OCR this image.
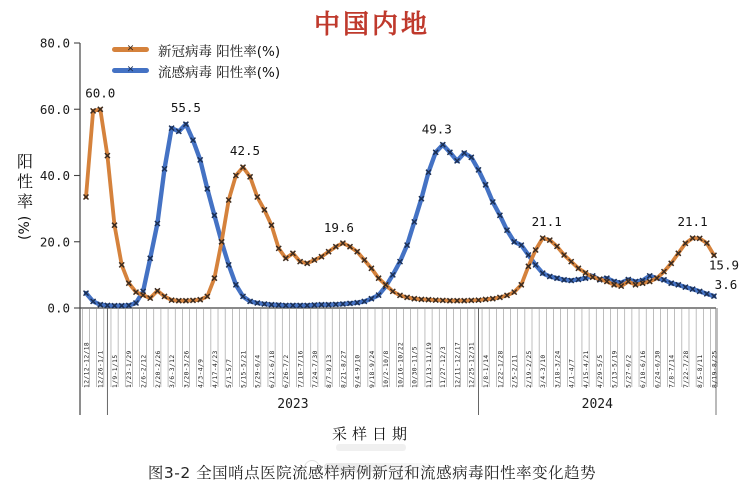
80.0
60.0
40.0
20.0
0.0
12/12-12/18 12/26-1/1 1/9-1/15 1/23-1/29 2/6-2/12 2/20-2/26 3/6-3/12 3/20-3/26 4/3-4/9 4/17-4/23 5/1-5/7 5/15-5/21 5/29-6/4 6/12-6/18 6/26-7/2 7/10-7/16 7/24-7/30 8/7-8/13 8/21-8/27 9/4-9/10 9/18-9/24 10/2-10/8 10/16-10/22 10/30-11/5 11/13-11/19 11/27-12/3 12/11-12/17 12/25-12/31 1/8-1/14 1/22-1/28 2/5-2/11 2/19-2/25 3/4-3/10 3/18-3/24 4/1-4/7 4/15-4/21 4/29-5/5 5/13-5/19 5/27-6/2 6/10-6/16 6/24-6/30 7/8-7/14 7/22-7/28 8/5-8/11 8/19-8/25
2023	2024
60.0
55.5
42.5
19.6
49.3
21.1	21.1
15.9
3.6
中国内地
✕ 新冠病毒 阳性率(%)
✕ 流感病毒 阳性率(%)
阳性率
(%)
采样日期
图3-2 全国哨点医院流感样病例新冠和流感病毒阳性率变化趋势
